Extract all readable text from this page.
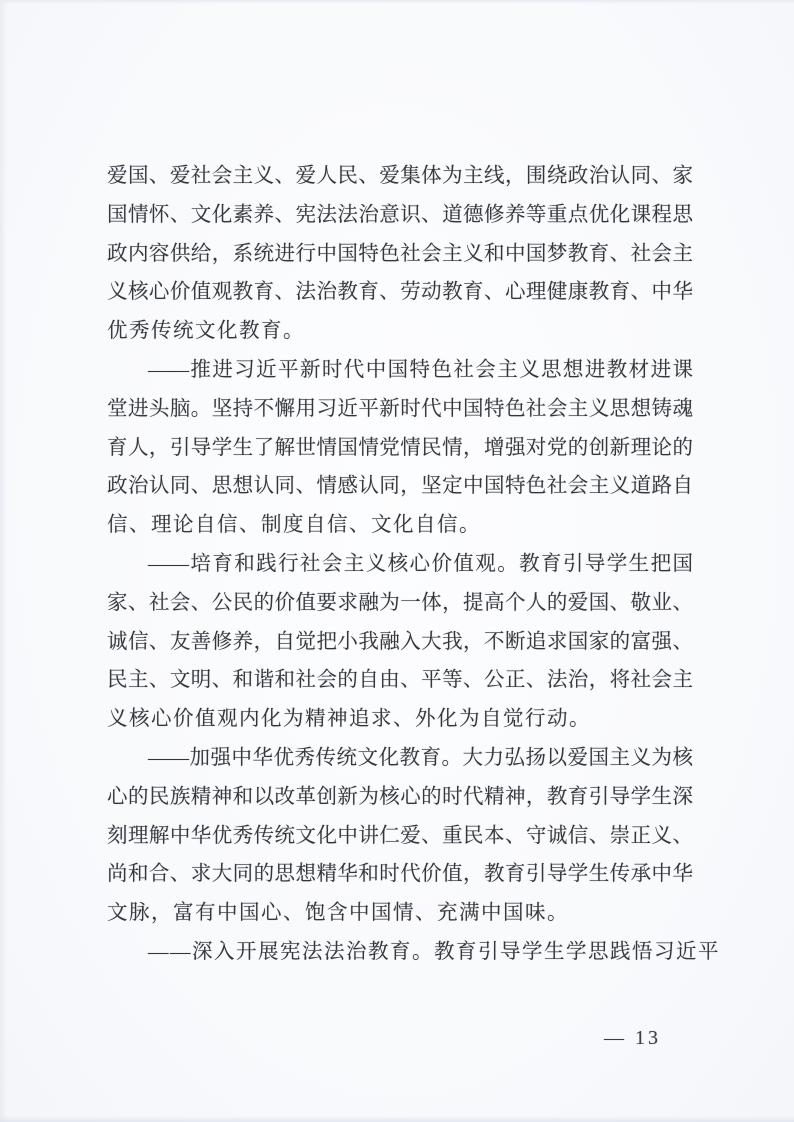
爱国、爱社会主义、爱人民、爱集体为主线，围绕政治认同、家
国情怀、文化素养、宪法法治意识、道德修养等重点优化课程思
政内容供给，系统进行中国特色社会主义和中国梦教育、社会主
义核心价值观教育、法治教育、劳动教育、心理健康教育、中华
优秀传统文化教育。

——推进习近平新时代中国特色社会主义思想进教材进课
堂进头脑。坚持不懈用习近平新时代中国特色社会主义思想铸魂
育人，引导学生了解世情国情党情民情，增强对党的创新理论的
政治认同、思想认同、情感认同，坚定中国特色社会主义道路自
信、理论自信、制度自信、文化自信。

——培育和践行社会主义核心价值观。教育引导学生把国
家、社会、公民的价值要求融为一体，提高个人的爱国、敬业、
诚信、友善修养，自觉把小我融入大我，不断追求国家的富强、
民主、文明、和谐和社会的自由、平等、公正、法治，将社会主
义核心价值观内化为精神追求、外化为自觉行动。

——加强中华优秀传统文化教育。大力弘扬以爱国主义为核
心的民族精神和以改革创新为核心的时代精神，教育引导学生深
刻理解中华优秀传统文化中讲仁爱、重民本、守诚信、崇正义、
尚和合、求大同的思想精华和时代价值，教育引导学生传承中华
文脉，富有中国心、饱含中国情、充满中国味。

——深入开展宪法法治教育。教育引导学生学思践悟习近平

— 13
